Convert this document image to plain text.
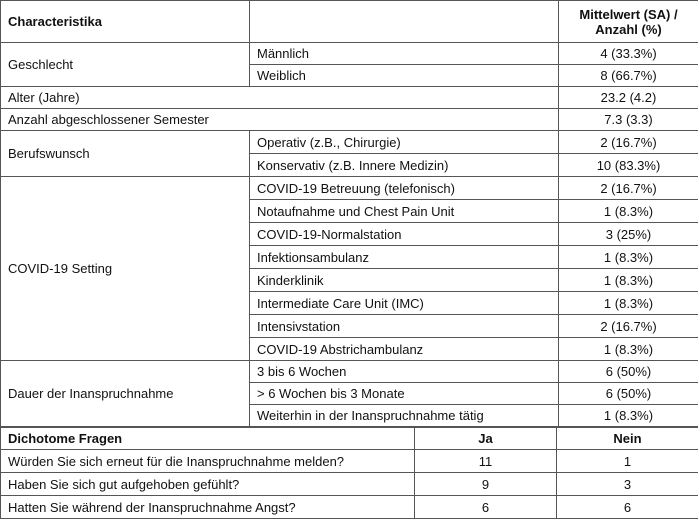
Characteristika		Mittelwert (SA) /
Anzahl (%)
Geschlecht	Männlich	4 (33.3%)
	Weiblich	8 (66.7%)
Alter (Jahre)		23.2 (4.2)
Anzahl abgeschlossener Semester		7.3 (3.3)
Berufswunsch	Operativ (z.B., Chirurgie)	2 (16.7%)
	Konservativ (z.B. Innere Medizin)	10 (83.3%)
COVID-19 Setting	COVID-19 Betreuung (telefonisch)	2 (16.7%)
	Notaufnahme und Chest Pain Unit	1 (8.3%)
	COVID-19-Normalstation	3 (25%)
	Infektionsambulanz	1 (8.3%)
	Kinderklinik	1 (8.3%)
	Intermediate Care Unit (IMC)	1 (8.3%)
	Intensivstation	2 (16.7%)
	COVID-19 Abstrichambulanz	1 (8.3%)
Dauer der Inanspruchnahme	3 bis 6 Wochen	6 (50%)
	> 6 Wochen bis 3 Monate	6 (50%)
	Weiterhin in der Inanspruchnahme tätig	1 (8.3%)
Dichotome Fragen	Ja	Nein
Würden Sie sich erneut für die Inanspruchnahme melden?	11	1
Haben Sie sich gut aufgehoben gefühlt?	9	3
Hatten Sie während der Inanspruchnahme Angst?	6	6
